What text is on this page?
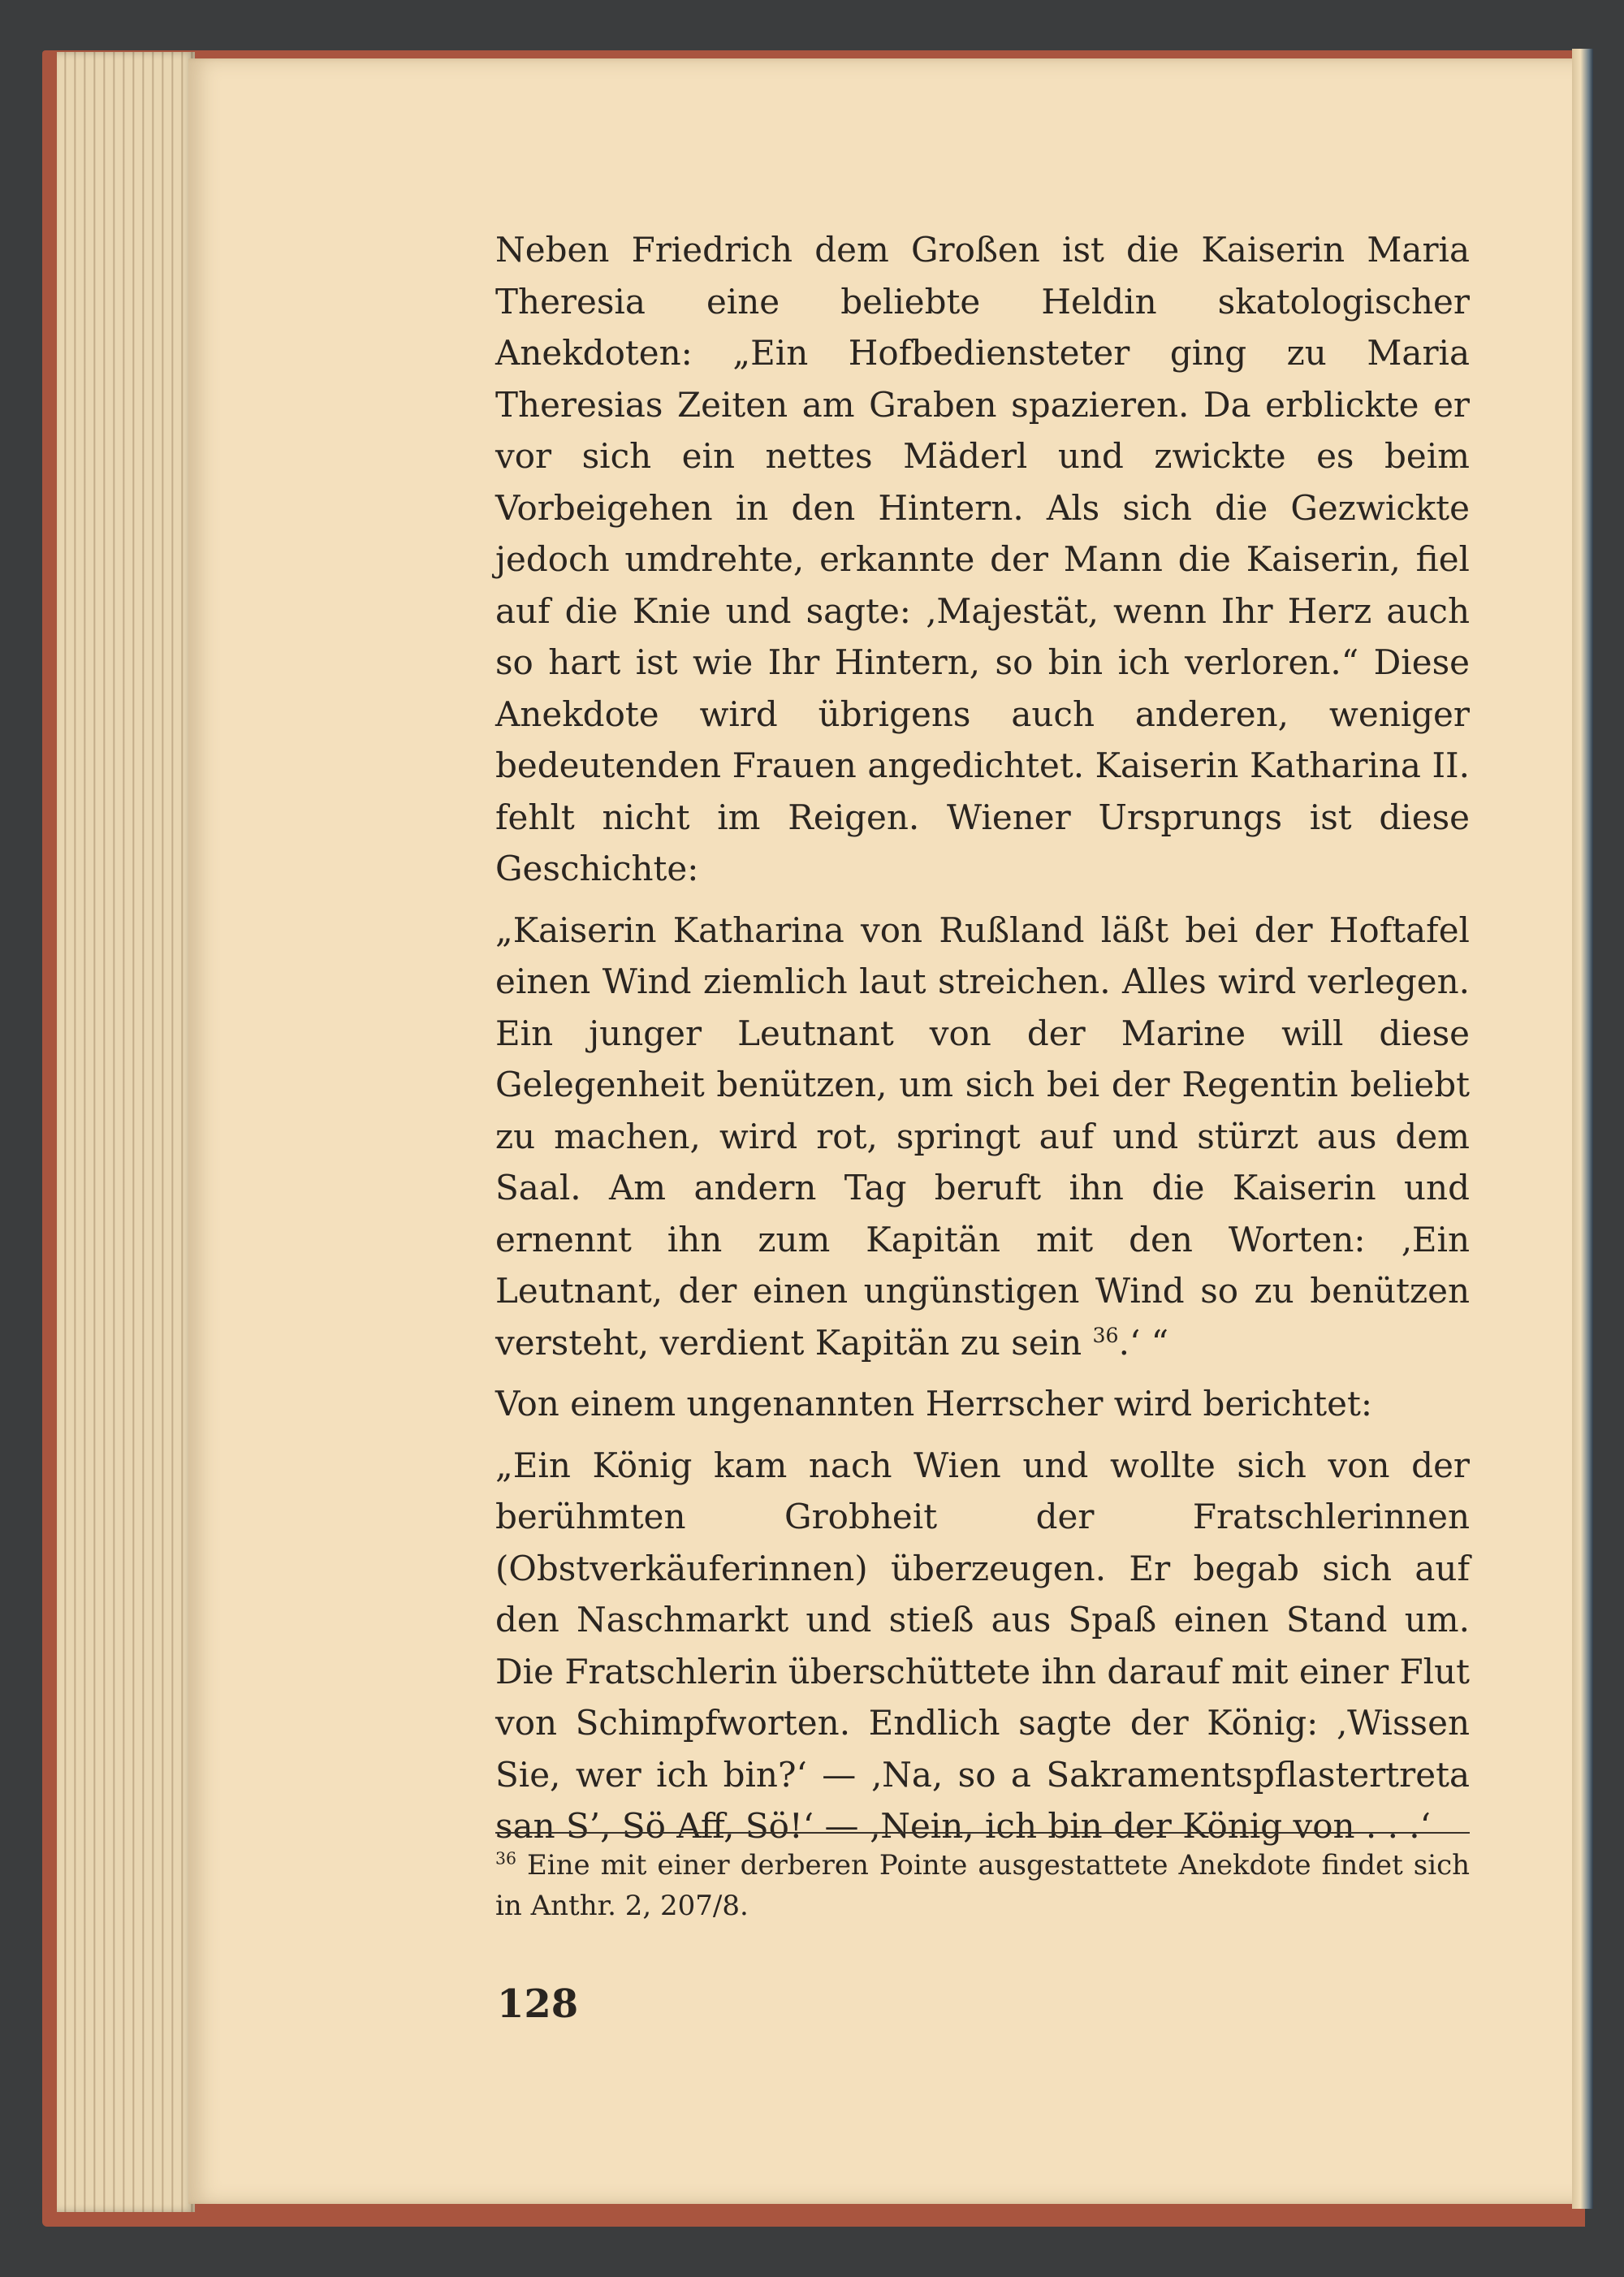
Neben Friedrich dem Großen ist die Kaiserin Maria Theresia eine beliebte Heldin skatologischer Anekdoten: „Ein Hofbediensteter ging zu Maria Theresias Zeiten am Graben spazieren. Da erblickte er vor sich ein nettes Mäderl und zwickte es beim Vorbeigehen in den Hintern. Als sich die Gezwickte jedoch umdrehte, erkannte der Mann die Kaiserin, fiel auf die Knie und sagte: ‚Majestät, wenn Ihr Herz auch so hart ist wie Ihr Hintern, so bin ich verloren.“ Diese Anekdote wird übrigens auch anderen, weniger bedeutenden Frauen angedichtet. Kaiserin Katharina II. fehlt nicht im Reigen. Wiener Ursprungs ist diese Geschichte:

„Kaiserin Katharina von Rußland läßt bei der Hoftafel einen Wind ziemlich laut streichen. Alles wird verlegen. Ein junger Leutnant von der Marine will diese Gelegenheit benützen, um sich bei der Regentin beliebt zu machen, wird rot, springt auf und stürzt aus dem Saal. Am andern Tag beruft ihn die Kaiserin und ernennt ihn zum Kapitän mit den Worten: ‚Ein Leutnant, der einen ungünstigen Wind so zu benützen versteht, verdient Kapitän zu sein $^{36}$.‘ “

Von einem ungenannten Herrscher wird berichtet:

„Ein König kam nach Wien und wollte sich von der berühmten Grobheit der Fratschlerinnen (Obstverkäuferinnen) überzeugen. Er begab sich auf den Naschmarkt und stieß aus Spaß einen Stand um. Die Fratschlerin überschüttete ihn darauf mit einer Flut von Schimpfworten. Endlich sagte der König: ‚Wissen Sie, wer ich bin?‘ — ‚Na, so a Sakramentspflastertreta san S’, Sö Aff, Sö!‘ — ‚Nein, ich bin der König von . . .‘

$^{36}$ Eine mit einer derberen Pointe ausgestattete Anekdote findet sich in Anthr. 2, 207/8.
128
